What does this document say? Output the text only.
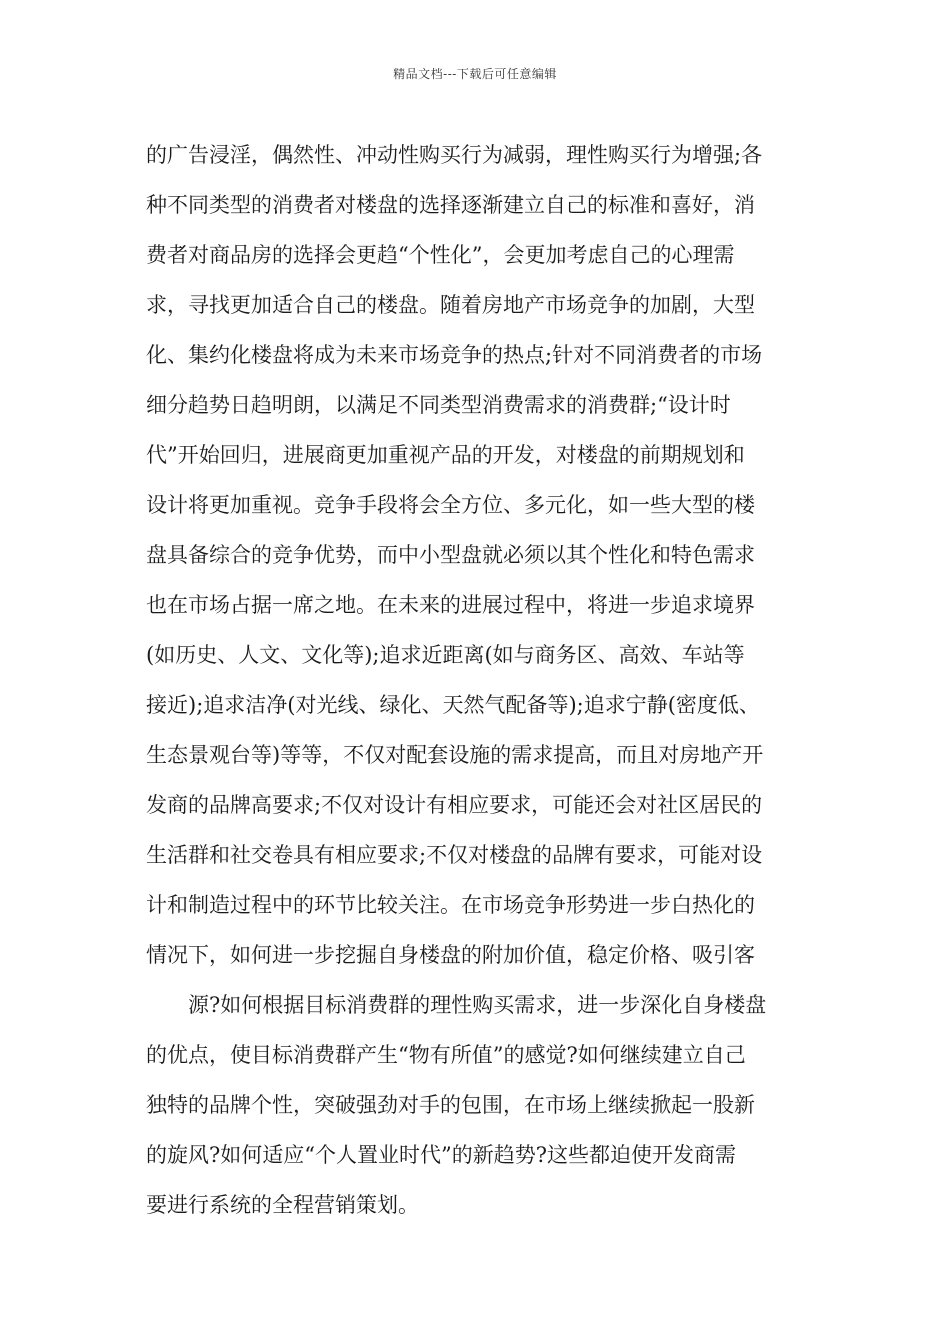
精品文档---下载后可任意编辑
的广告浸淫，偶然性、冲动性购买行为减弱，理性购买行为增强;各
种不同类型的消费者对楼盘的选择逐渐建立自己的标准和喜好，消
费者对商品房的选择会更趋“个性化”，会更加考虑自己的心理需
求，寻找更加适合自己的楼盘。随着房地产市场竞争的加剧，大型
化、集约化楼盘将成为未来市场竞争的热点;针对不同消费者的市场
细分趋势日趋明朗，以满足不同类型消费需求的消费群;“设计时
代”开始回归，进展商更加重视产品的开发，对楼盘的前期规划和
设计将更加重视。竞争手段将会全方位、多元化，如一些大型的楼
盘具备综合的竞争优势，而中小型盘就必须以其个性化和特色需求
也在市场占据一席之地。在未来的进展过程中，将进一步追求境界
(如历史、人文、文化等);追求近距离(如与商务区、高效、车站等
接近);追求洁净(对光线、绿化、天然气配备等);追求宁静(密度低、
生态景观台等)等等，不仅对配套设施的需求提高，而且对房地产开
发商的品牌高要求;不仅对设计有相应要求，可能还会对社区居民的
生活群和社交卷具有相应要求;不仅对楼盘的品牌有要求，可能对设
计和制造过程中的环节比较关注。在市场竞争形势进一步白热化的
情况下，如何进一步挖掘自身楼盘的附加价值，稳定价格、吸引客
源?如何根据目标消费群的理性购买需求，进一步深化自身楼盘
的优点，使目标消费群产生“物有所值”的感觉?如何继续建立自己
独特的品牌个性，突破强劲对手的包围，在市场上继续掀起一股新
的旋风?如何适应“个人置业时代”的新趋势?这些都迫使开发商需
要进行系统的全程营销策划。
